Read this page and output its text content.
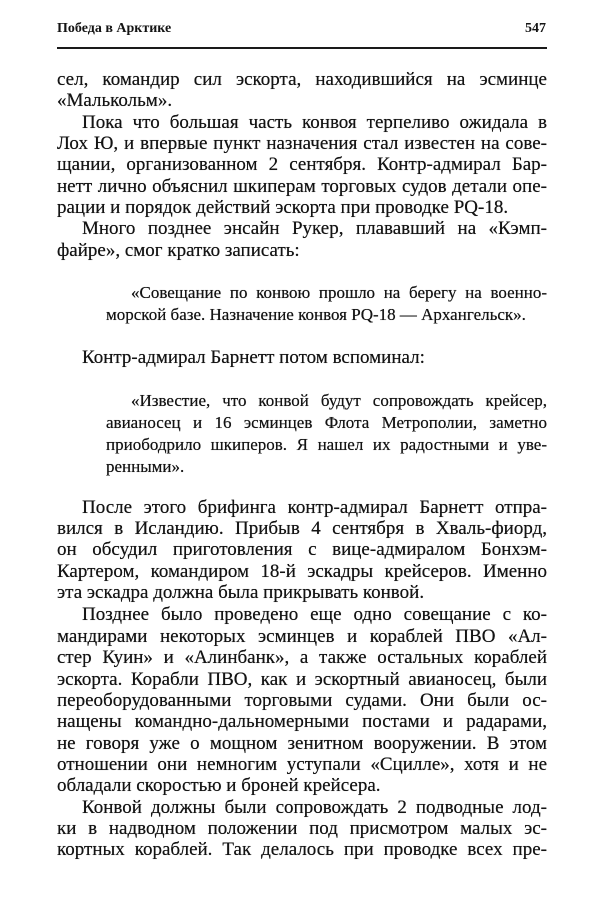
Победа в Арктике	547
сел, командир сил эскорта, находившийся на эсминце
«Малькольм».
Пока что большая часть конвоя терпеливо ожидала в
Лох Ю, и впервые пункт назначения стал известен на сове-
щании, организованном 2 сентября. Контр-адмирал Бар-
нетт лично объяснил шкиперам торговых судов детали опе-
рации и порядок действий эскорта при проводке PQ-18.
Много позднее энсайн Рукер, плававший на «Кэмп-
файре», смог кратко записать:
«Совещание по конвою прошло на берегу на военно-
морской базе. Назначение конвоя PQ-18 — Архангельск».
Контр-адмирал Барнетт потом вспоминал:
«Известие, что конвой будут сопровождать крейсер,
авианосец и 16 эсминцев Флота Метрополии, заметно
приободрило шкиперов. Я нашел их радостными и уве-
ренными».
После этого брифинга контр-адмирал Барнетт отпра-
вился в Исландию. Прибыв 4 сентября в Хваль-фиорд,
он обсудил приготовления с вице-адмиралом Бонхэм-
Картером, командиром 18-й эскадры крейсеров. Именно
эта эскадра должна была прикрывать конвой.
Позднее было проведено еще одно совещание с ко-
мандирами некоторых эсминцев и кораблей ПВО «Ал-
стер Куин» и «Алинбанк», а также остальных кораблей
эскорта. Корабли ПВО, как и эскортный авианосец, были
переоборудованными торговыми судами. Они были ос-
нащены командно-дальномерными постами и радарами,
не говоря уже о мощном зенитном вооружении. В этом
отношении они немногим уступали «Сцилле», хотя и не
обладали скоростью и броней крейсера.
Конвой должны были сопровождать 2 подводные лод-
ки в надводном положении под присмотром малых эс-
кортных кораблей. Так делалось при проводке всех пре-
